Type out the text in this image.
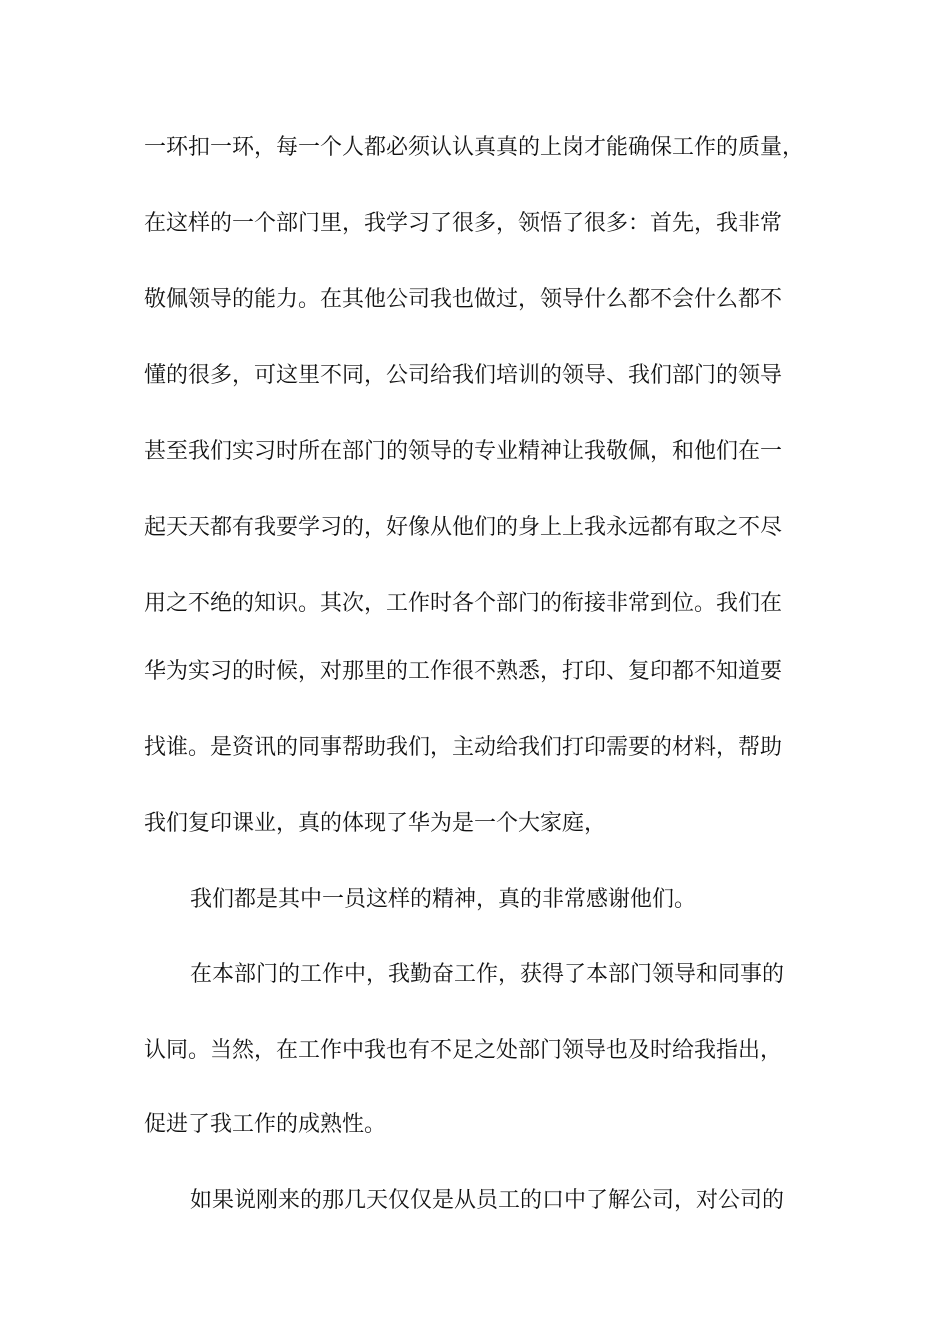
一环扣一环，每一个人都必须认认真真的上岗才能确保工作的质量，
在这样的一个部门里，我学习了很多，领悟了很多：首先，我非常
敬佩领导的能力。在其他公司我也做过，领导什么都不会什么都不
懂的很多，可这里不同，公司给我们培训的领导、我们部门的领导
甚至我们实习时所在部门的领导的专业精神让我敬佩，和他们在一
起天天都有我要学习的，好像从他们的身上上我永远都有取之不尽
用之不绝的知识。其次，工作时各个部门的衔接非常到位。我们在
华为实习的时候，对那里的工作很不熟悉，打印、复印都不知道要
找谁。是资讯的同事帮助我们，主动给我们打印需要的材料，帮助
我们复印课业，真的体现了华为是一个大家庭，
我们都是其中一员这样的精神，真的非常感谢他们。
在本部门的工作中，我勤奋工作，获得了本部门领导和同事的
认同。当然，在工作中我也有不足之处部门领导也及时给我指出，
促进了我工作的成熟性。
如果说刚来的那几天仅仅是从员工的口中了解公司，对公司的
